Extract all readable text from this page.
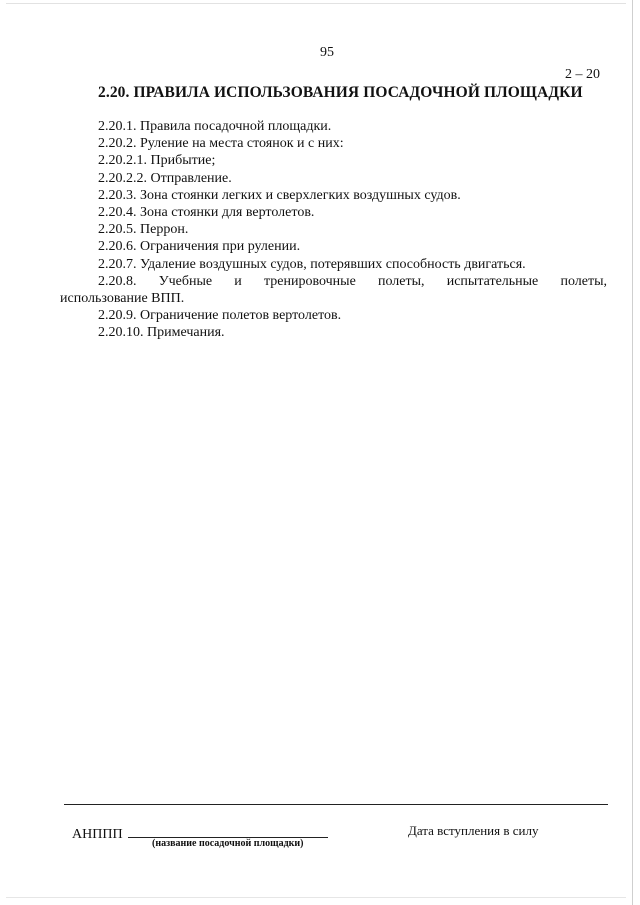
95
2 – 20
2.20. ПРАВИЛА ИСПОЛЬЗОВАНИЯ ПОСАДОЧНОЙ ПЛОЩАДКИ
2.20.1. Правила посадочной площадки.
2.20.2. Руление на места стоянок и с них:
2.20.2.1. Прибытие;
2.20.2.2. Отправление.
2.20.3. Зона стоянки легких и сверхлегких воздушных судов.
2.20.4. Зона стоянки для вертолетов.
2.20.5. Перрон.
2.20.6. Ограничения при рулении.
2.20.7. Удаление воздушных судов, потерявших способность двигаться.
2.20.8. Учебные и тренировочные полеты, испытательные полеты,
использование ВПП.
2.20.9. Ограничение полетов вертолетов.
2.20.10. Примечания.
АНППП
(название посадочной площадки)
Дата вступления в силу
